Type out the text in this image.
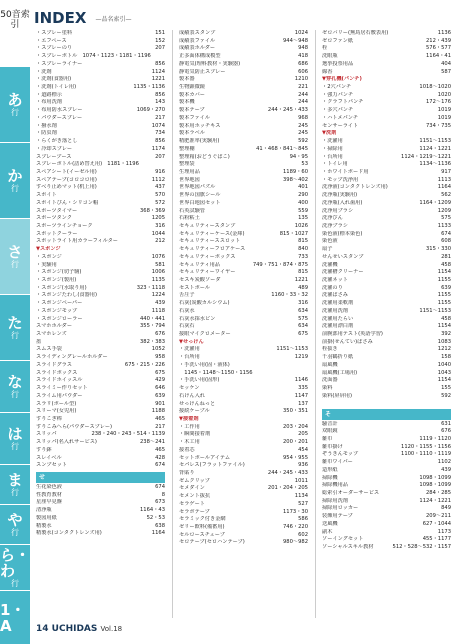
50音索引
あ
行
か
行
さ
行
た
行
な
行
は
行
ま
行
や
行
ら・わ
行
1・A
INDEX —品名索引—
・スプレー塗料	151
・エフペース	152
・スプレーのり	207
・スプレーボトル　1074・1123・1181・1196
・スプレーライナー	856
・洗剤	1124
・洗剤(食器用)	1221
・洗剤(トイレ用)	1135・1136
・道路標示	856
・布用洗剤	143
・布用防水スプレー	1069・270
・パウダースプレー	217
・撥水剤	1074
・防虫剤	734
・らくがき落とし	856
・冷却スプレー	1174
スプレープース	207
スプレーボトル(詰め替え用)　1181・1196
スペアシート(イーゼル用)	916
スペアテープ(コロコロ用)	1112
すべり止めマット(机上用)	437
スポイト	570
スポイトびん・シリコン帽	572
スポーツタイマー	368・369
スポーツタンク	1205
スポーツラインチョーク	316
スポットクーラー	1044
スポットライト用カラーフィルター	212
▼スポンジ
・スポンジ	1076
・実験用	581
・スポンジ(切子駒)	1006
・スポンジ(製用)	1135
・スポンジ(水取り用)	323・1118
・スポンジたわし(食器用)	1224
・スポンジペーパー	439
・スポンジモップ	1118
・スポンジローラー	440・441
スマホホルダー	355・794
スマホレンズ	676
墨	382・383
スムス手袋	1052
スライディングレールホルダー	958
スライドグラス	675・215・226
スライドボックス	675
スライドホイッスル	429
スライミー作りセット	646
スライム用パウダー	639
スラリ(ボール型)	901
スリーマ(女児用)	1188
すりこぎ棒	465
すりこみへら(パウダースプレー)	217
スリッパ	238・240・243・514・1139
スリッパ(名入れサービス)	238〜241
すり鉢	465
スレイベル	428
スンプセット	674
せ
生花染色液	674
性教育教材	8
星座早見盤	673
清浄瓶	1164・43
製図用紙	52・53
精製水	638
精製水(コンタクトレンズ用)	1164
成績表スタンプ	1024
成績表ファイル	944〜948
成績表ホルダー	948
正多面体構成模型	418
静電気(理科教材・実験器)	686
静電気防止スプレー	606
製本器	1210
生物顕微鏡	221
製本カバー	244
製本機	244
製本テープ	244・245・433
製本ファイル	968
製本用ホッチキス	245
製本ラベル	245
精肥准率(実験用)	592
整理棚	41・468・841〜845
整理箱(おどうぐばこ)	94・95
整理袋	53
生理用品	1189・60
世界地図	398〜402
世界地図パズル	401
世界の国旗シール	290
世界白地図セット	400
石英試験管	559
石粉粘土	135
セキュリティースタンプ	1026
セキュリティーケース(金庫)	815・1027
セキュリティーススロット	815
セキュリティーフロアケース	840
セキュリティーボックス	733
セキュリティ用品	749・751・874・875
セキュリティーワイヤー	815
セスキ炭酸ソーダ	1221
セストボール	489
舌圧子	1160・33・32
石灰(炭酸カルシウム)	316
石灰水	634
石灰水採水ビン	575
石灰石	634
接眼マイクロメーター	675
▼せっけん
・洗濯用	1151〜1153
・台所用	1219
・手洗い用(固・液体)
　1145・1148〜1150・1156
・手洗い用(固形)	1146
セッケン	335
石けん入れ	1147
せっけんねっと	137
接続ケーブル	350・351
▼接着剤
・工作用	203・204
・瞬間接着剤	205
・木工用	200・201
接着芯	454
セットボールアイテム	954・955
セパレス(フラットファイル)	936
背貼り	244・245・433
ゼムクリップ	1011
セメダイン	201・204・205
セメント抜抗	1134
セラゲート	527
セラボテープ	1173・30
セラミック付き金網	586
ゼリー飲料(備蓄用)	746・220
セルロースチューブ	602
セロテープ(セロハンテープ)	980〜982
ゼロバリー(無鳥居石敷表用)	1136
ゼロファン紙	212・439
栓	576・577
洗眼瓶	1164・41
選挙投票用品	404
線香	587
▼穿孔機(パンチ)
・2穴パンチ	1018〜1020
・強力パンチ	1020
・クラフトパンチ	172〜176
・多穴パンチ	1019
・ハトメパンチ	1019
センサーライト	734・735
▼洗剤
・洗濯用	1151〜1153
・掃除用	1124・1221
・台所用	1124・1219〜1221
・トイレ用	1134〜1136
・ホワイトボード用	917
・モップ洗浄用	1113
洗浄液(コンタクトレンズ用)	1164
洗浄瓶(実験用)	562
洗浄瓶(入れ歯用)	1164・1209
洗浄用ブラシ	1209
洗浄びん	575
洗浄ブラシ	1133
染色液(標本染色)	674
染色液	608
扇子	315・330
せんせいスタンプ	281
洗濯機	458
洗濯槽クリーナー	1154
洗濯ネット	1155
洗濯のり	639
洗濯ばさみ	1155
洗濯用柔軟剤	1155
洗濯用洗剤	1151〜1153
洗濯用たらい	458
洗濯用漂白剤	1154
前腕部用テスト(英語学習)	392
前掛(せんてい)ばさみ	1083
栓抜き	1212
千羽鶴折り紙	158
扇風機	1040
扇風機(工場用)	1043
洗面器	1154
染料	155
染料(屏屏用)	592
そ
騒音計	631
双眼鏡	676
雑巾	1119・1120
雑巾掛け	1120・1155・1156
ぞうきんモップ	1100・1110・1119
雑巾ワイパー	1102
造形紙	439
掃除機	1098・1099
掃除機用品	1098・1099
総索引オーダーサービス	284・285
掃除用洗剤	1124・1221
掃除用ロッカー	849
装飾用テープ	209〜211
送風機	627・1044
副木	1173
ソーイングセット	455・1177
ソーシャルスキル教材	512・528〜532・1157
14 UCHIDAS Vol.18
